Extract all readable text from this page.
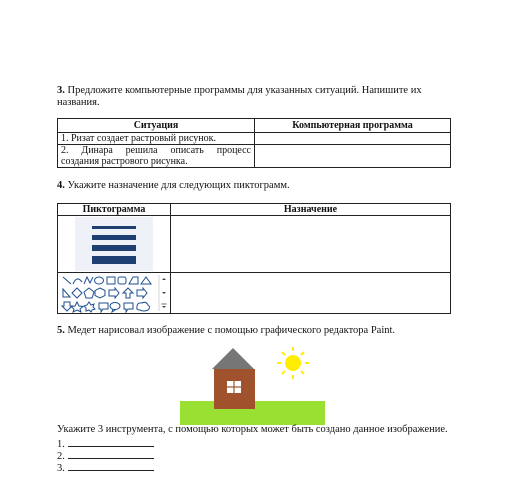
3. Предложите компьютерные программы для указанных ситуаций. Напишите их
названия.
Ситуация	Компьютерная программа
1. Ризат создает растровый рисунок.	

2. Динара решила описать процесс
создания растрового рисунка.	

4. Укажите назначение для следующих пиктограмм.
Пиктограмма	Назначение

5. Медет нарисовал изображение с помощью графического редактора Paint.
Укажите 3 инструмента, с помощью которых может быть создано данное изображение.
1.
2.
3.
